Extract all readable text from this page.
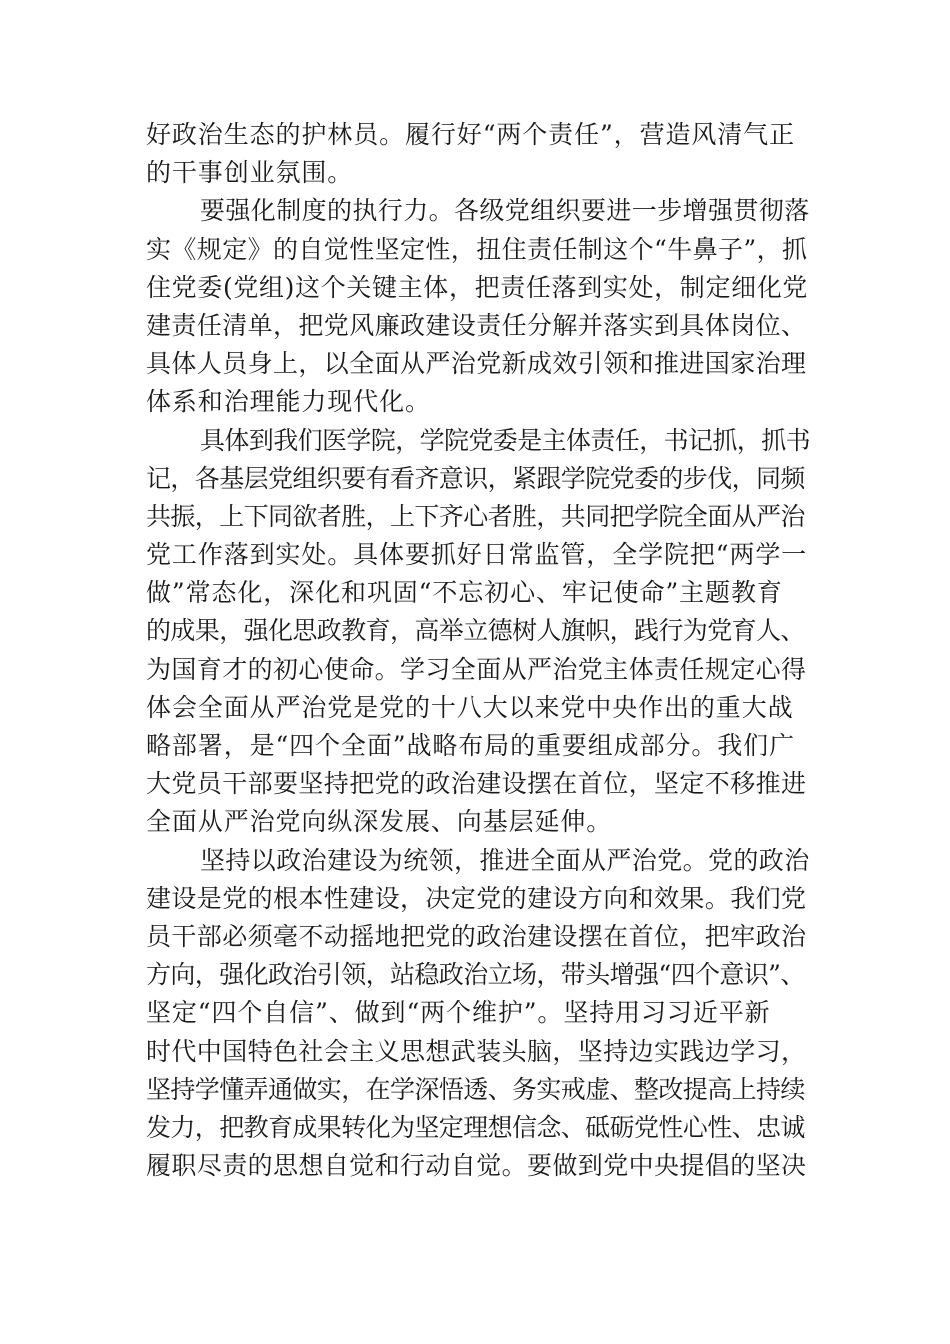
好政治生态的护林员。履行好“两个责任”，营造风清气正
的干事创业氛围。
要强化制度的执行力。各级党组织要进一步增强贯彻落
实《规定》的自觉性坚定性，扭住责任制这个“牛鼻子”，抓
住党委(党组)这个关键主体，把责任落到实处，制定细化党
建责任清单，把党风廉政建设责任分解并落实到具体岗位、
具体人员身上，以全面从严治党新成效引领和推进国家治理
体系和治理能力现代化。
具体到我们医学院，学院党委是主体责任，书记抓，抓书
记，各基层党组织要有看齐意识，紧跟学院党委的步伐，同频
共振，上下同欲者胜，上下齐心者胜，共同把学院全面从严治
党工作落到实处。具体要抓好日常监管，全学院把“两学一
做”常态化，深化和巩固“不忘初心、牢记使命”主题教育
的成果，强化思政教育，高举立德树人旗帜，践行为党育人、
为国育才的初心使命。学习全面从严治党主体责任规定心得
体会全面从严治党是党的十八大以来党中央作出的重大战
略部署，是“四个全面”战略布局的重要组成部分。我们广
大党员干部要坚持把党的政治建设摆在首位，坚定不移推进
全面从严治党向纵深发展、向基层延伸。
坚持以政治建设为统领，推进全面从严治党。党的政治
建设是党的根本性建设，决定党的建设方向和效果。我们党
员干部必须毫不动摇地把党的政治建设摆在首位，把牢政治
方向，强化政治引领，站稳政治立场，带头增强“四个意识”、
坚定“四个自信”、做到“两个维护”。坚持用习习近平新
时代中国特色社会主义思想武装头脑，坚持边实践边学习，
坚持学懂弄通做实，在学深悟透、务实戒虚、整改提高上持续
发力，把教育成果转化为坚定理想信念、砥砺党性心性、忠诚
履职尽责的思想自觉和行动自觉。要做到党中央提倡的坚决
